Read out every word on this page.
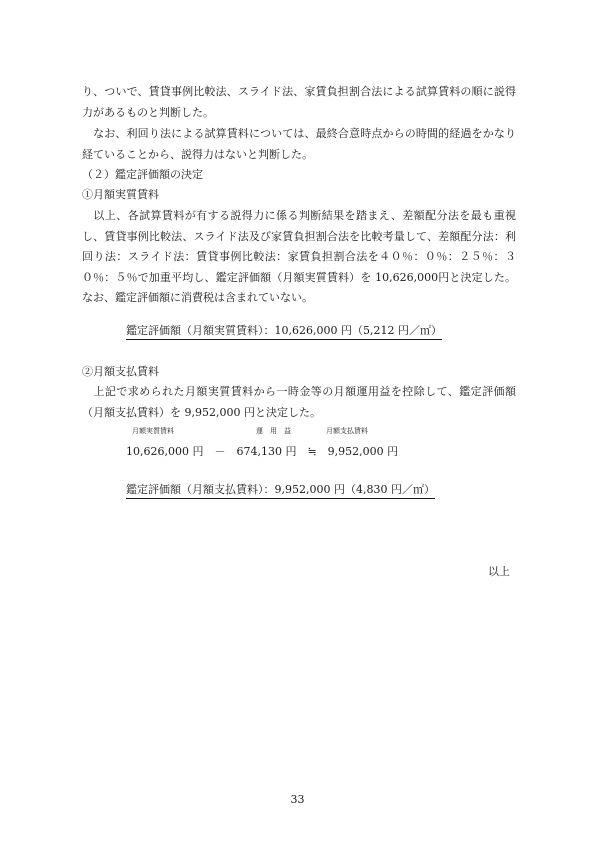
り、ついで、賃貸事例比較法、スライド法、家賃負担割合法による試算賃料の順に説得力があるものと判断した。
　なお、利回り法による試算賃料については、最終合意時点からの時間的経過をかなり経ていることから、説得力はないと判断した。
（２）鑑定評価額の決定
①月額実質賃料
　以上、各試算賃料が有する説得力に係る判断結果を踏まえ、差額配分法を最も重視し、賃貸事例比較法、スライド法及び家賃負担割合法を比較考量して、差額配分法：利回り法：スライド法：賃貸事例比較法：家賃負担割合法を４０％：０％：２５％：３０％：５％で加重平均し、鑑定評価額（月額実質賃料）を 10,626,000円と決定した。なお、鑑定評価額に消費税は含まれていない。
鑑定評価額（月額実質賃料）：10,626,000 円（5,212 円／㎡）
②月額支払賃料
　上記で求められた月額実質賃料から一時金等の月額運用益を控除して、鑑定評価額（月額支払賃料）を 9,952,000 円と決定した。
月額実質賃料	運　用　益	月額支払賃料
10,626,000 円　－　674,130 円　≒　9,952,000 円
鑑定評価額（月額支払賃料）：9,952,000 円（4,830 円／㎡）
以上
33
